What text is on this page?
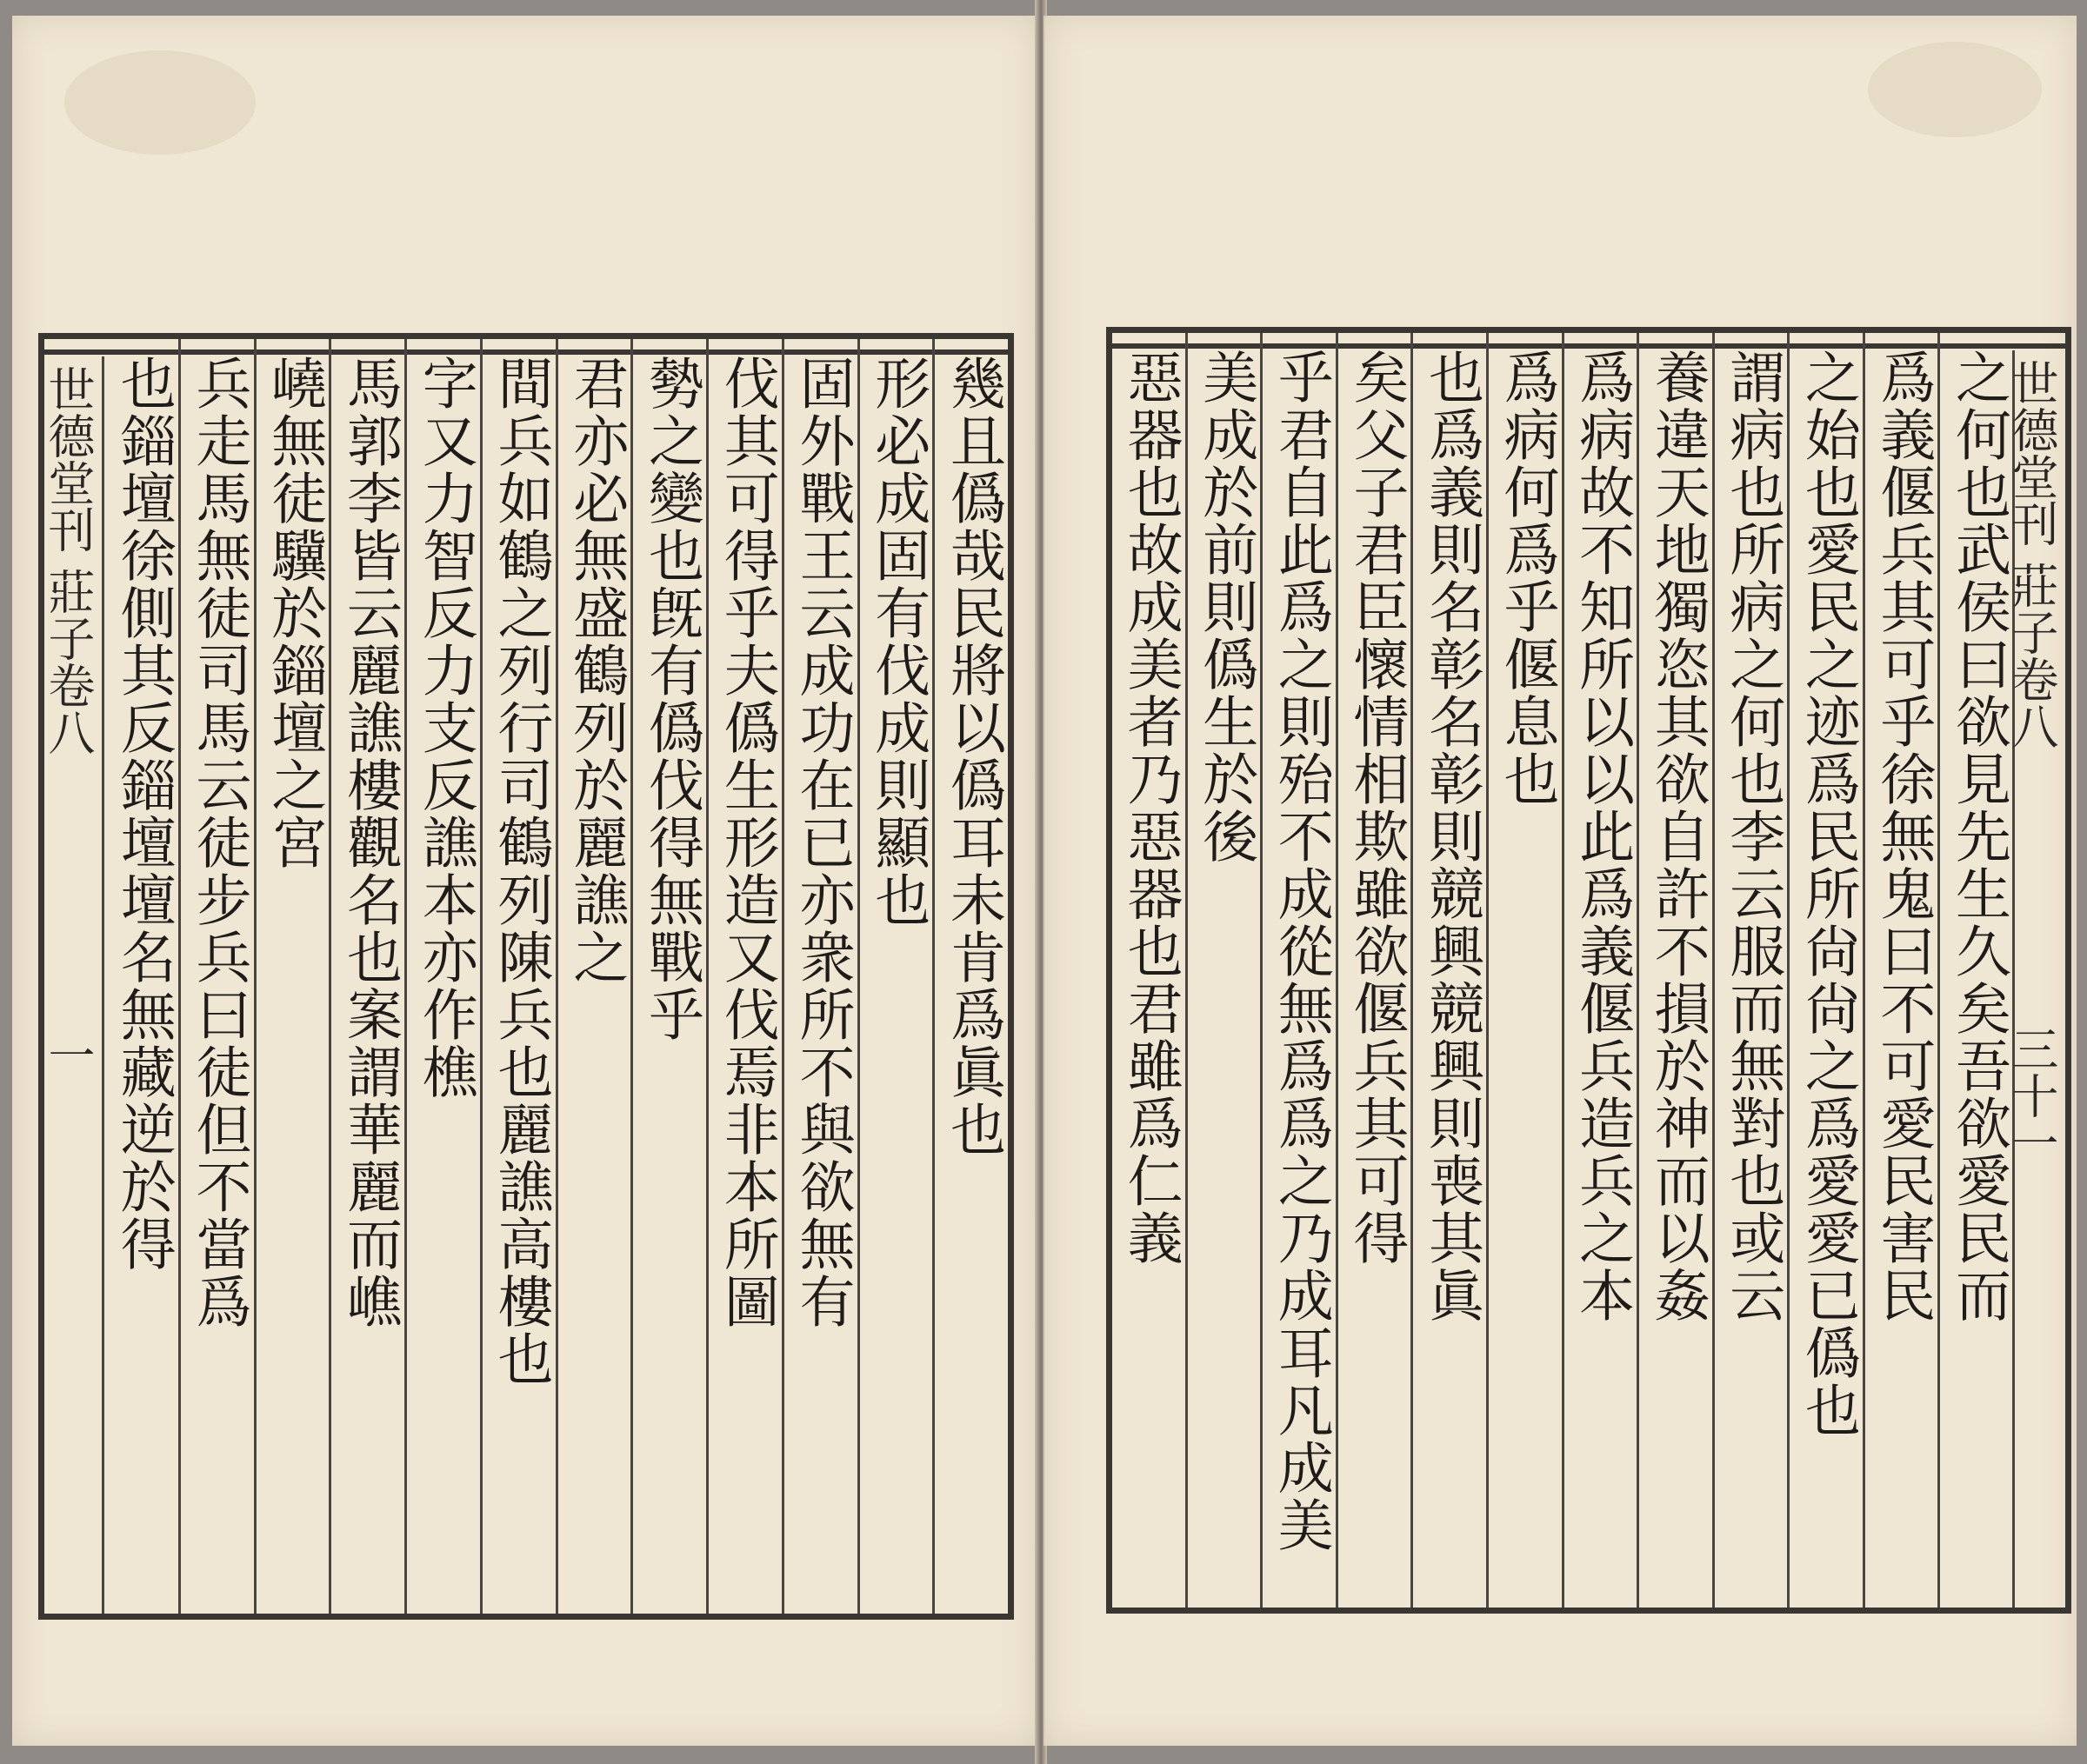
世德堂刊 莊子卷八 一	幾且僞哉民將以僞耳未肯爲眞也
形必成固有伐成則顯也
固外戰王云成功在已亦衆所不與欲無有
伐其可得乎夫僞生形造又伐焉非本所圖
勢之變也旣有僞伐得無戰乎
君亦必無盛鶴列於麗譙之
間兵如鶴之列行司鶴列陳兵也麗譙高樓也
字又力智反力支反譙本亦作樵
馬郭李皆云麗譙樓觀名也案謂華麗而嶕
嶢無徒驥於錙壇之宮
兵走馬無徒司馬云徒步兵曰徒但不當爲
也錙壇徐側其反錙壇壇名無藏逆於得	世德堂刊 莊子卷八 三十一
之何也武侯曰欲見先生久矣吾欲愛民而
爲義偃兵其可乎徐無鬼曰不可愛民害民
之始也愛民之迹爲民所尙尙之爲愛愛已僞也
謂病也所病之何也李云服而無對也或云
養違天地獨恣其欲自許不損於神而以姦
爲病故不知所以以此爲義偃兵造兵之本
爲病何爲乎偃息也
也爲義則名彰名彰則競興競興則喪其眞
矣父子君臣懷情相欺雖欲偃兵其可得
乎君自此爲之則殆不成從無爲爲之乃成耳凡成美
美成於前則僞生於後
惡器也故成美者乃惡器也君雖爲仁義
